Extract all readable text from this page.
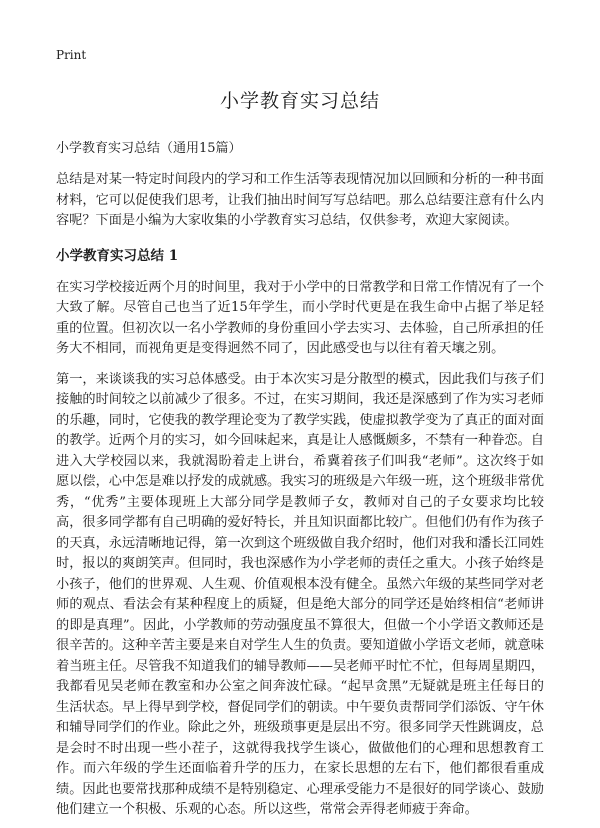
Print
小学教育实习总结
小学教育实习总结（通用15篇）

总结是对某一特定时间段内的学习和工作生活等表现情况加以回顾和分析的一种书面材料，它可以促使我们思考，让我们抽出时间写写总结吧。那么总结要注意有什么内容呢？下面是小编为大家收集的小学教育实习总结，仅供参考，欢迎大家阅读。

小学教育实习总结 1

在实习学校接近两个月的时间里，我对于小学中的日常教学和日常工作情况有了一个大致了解。尽管自己也当了近15年学生，而小学时代更是在我生命中占据了举足轻重的位置。但初次以一名小学教师的身份重回小学去实习、去体验，自己所承担的任务大不相同，而视角更是变得迥然不同了，因此感受也与以往有着天壤之别。

第一，来谈谈我的实习总体感受。由于本次实习是分散型的模式，因此我们与孩子们接触的时间较之以前减少了很多。不过，在实习期间，我还是深感到了作为实习老师的乐趣，同时，它使我的教学理论变为了教学实践，使虚拟教学变为了真正的面对面的教学。近两个月的实习，如今回味起来，真是让人感慨颇多，不禁有一种眷恋。自进入大学校园以来，我就渴盼着走上讲台，希冀着孩子们叫我“老师”。这次终于如愿以偿，心中怎是难以抒发的成就感。我实习的班级是六年级一班，这个班级非常优秀，“优秀”主要体现班上大部分同学是教师子女，教师对自己的子女要求均比较高，很多同学都有自己明确的爱好特长，并且知识面都比较广。但他们仍有作为孩子的天真，永远清晰地记得，第一次到这个班级做自我介绍时，他们对我和潘长江同姓时，报以的爽朗笑声。但同时，我也深感作为小学老师的责任之重大。小孩子始终是小孩子，他们的世界观、人生观、价值观根本没有健全。虽然六年级的某些同学对老师的观点、看法会有某种程度上的质疑，但是绝大部分的同学还是始终相信“老师讲的即是真理”。因此，小学教师的劳动强度虽不算很大，但做一个小学语文教师还是很辛苦的。这种辛苦主要是来自对学生人生的负责。要知道做小学语文老师，就意味着当班主任。尽管我不知道我们的辅导教师——吴老师平时忙不忙，但每周星期四，我都看见吴老师在教室和办公室之间奔波忙碌。“起早贪黑”无疑就是班主任每日的生活状态。早上得早到学校，督促同学们的朝读。中午要负责帮同学们添饭、守午休和辅导同学们的作业。除此之外，班级琐事更是层出不穷。很多同学天性跳调皮，总是会时不时出现一些小茬子，这就得我找学生谈心，做做他们的心理和思想教育工作。而六年级的学生还面临着升学的压力，在家长思想的左右下，他们都很看重成绩。因此也要常找那种成绩不是特别稳定、心理承受能力不是很好的同学谈心、鼓励他们建立一个积极、乐观的心态。所以这些，常常会弄得老师疲于奔命。
